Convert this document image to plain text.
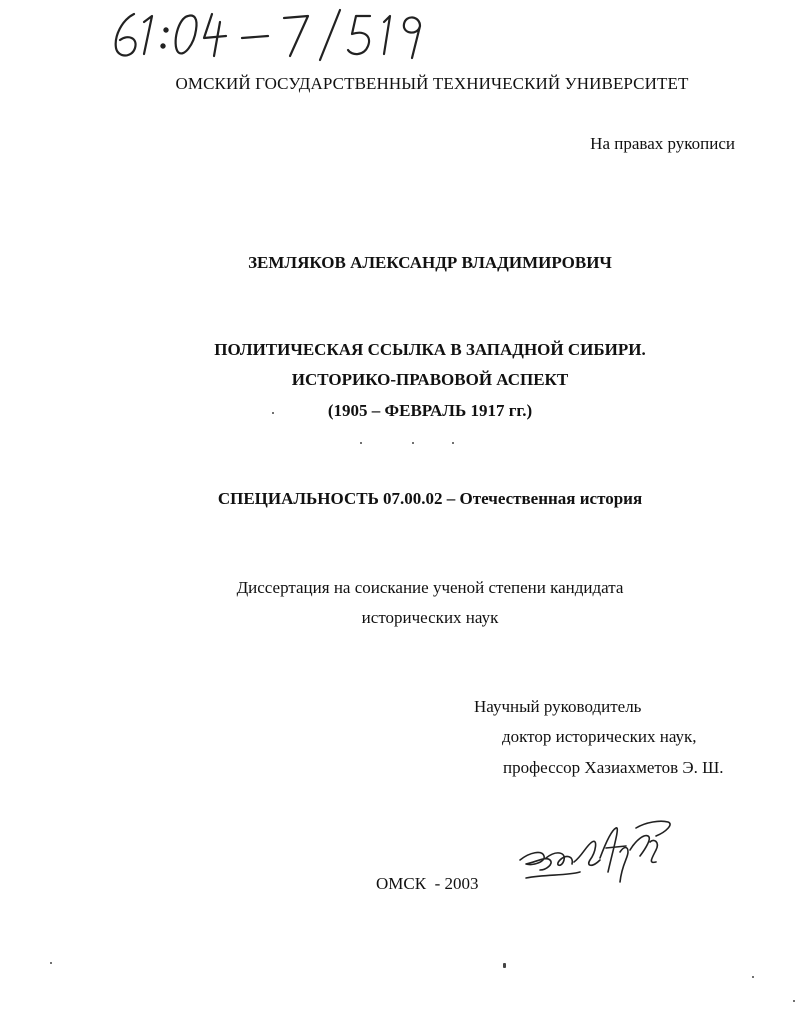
ОМСКИЙ ГОСУДАРСТВЕННЫЙ ТЕХНИЧЕСКИЙ УНИВЕРСИТЕТ
На правах рукописи
ЗЕМЛЯКОВ АЛЕКСАНДР ВЛАДИМИРОВИЧ
ПОЛИТИЧЕСКАЯ ССЫЛКА В ЗАПАДНОЙ СИБИРИ.
ИСТОРИКО-ПРАВОВОЙ АСПЕКТ
(1905 – ФЕВРАЛЬ 1917 гг.)
СПЕЦИАЛЬНОСТЬ 07.00.02 – Отечественная история
Диссертация на соискание ученой степени кандидата
исторических наук
Научный руководитель
доктор исторических наук,
профессор Хазиахметов Э. Ш.
ОМСК  - 2003
